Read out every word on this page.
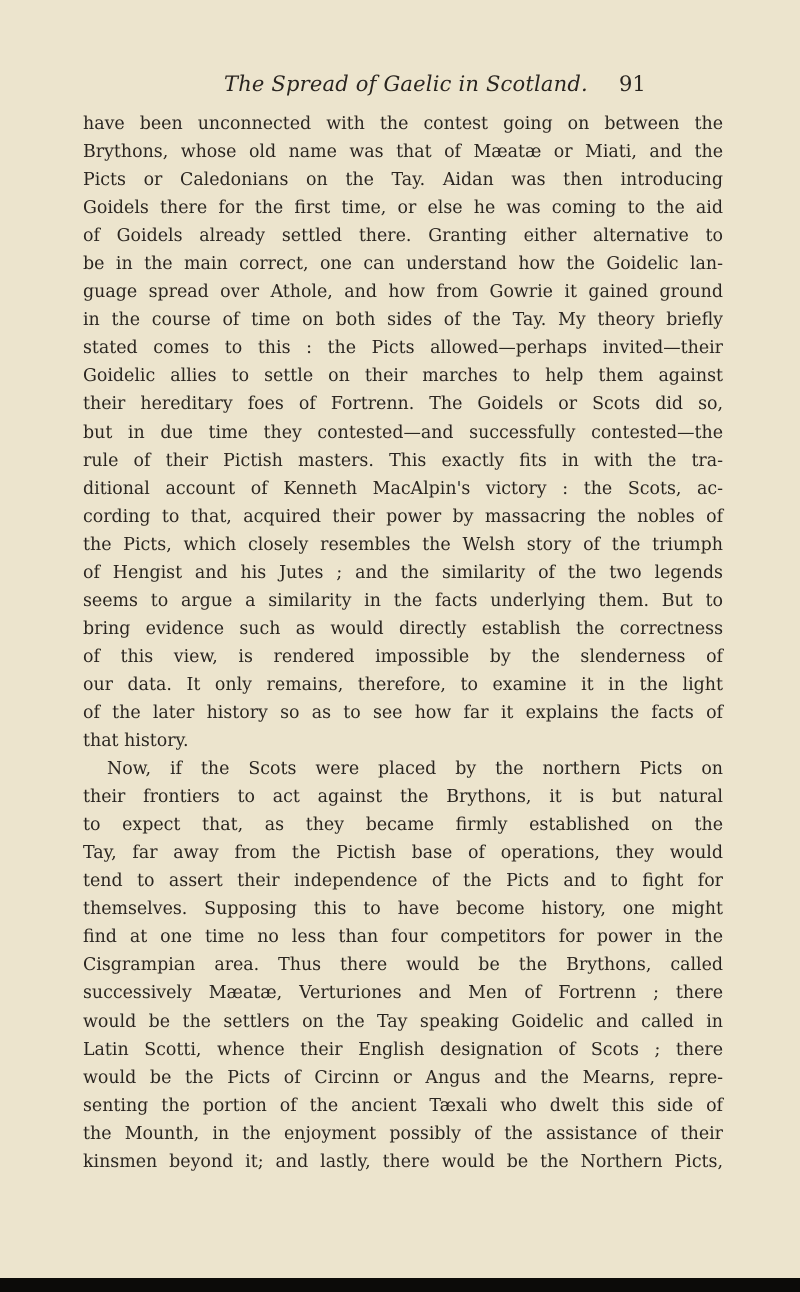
The Spread of Gaelic in Scotland. 91
have been unconnected with the contest going on between the
Brythons, whose old name was that of Mæatæ or Miati, and the
Picts or Caledonians on the Tay. Aidan was then introducing
Goidels there for the first time, or else he was coming to the aid
of Goidels already settled there. Granting either alternative to
be in the main correct, one can understand how the Goidelic lan-
guage spread over Athole, and how from Gowrie it gained ground
in the course of time on both sides of the Tay. My theory briefly
stated comes to this : the Picts allowed—perhaps invited—their
Goidelic allies to settle on their marches to help them against
their hereditary foes of Fortrenn. The Goidels or Scots did so,
but in due time they contested—and successfully contested—the
rule of their Pictish masters. This exactly fits in with the tra-
ditional account of Kenneth MacAlpin's victory : the Scots, ac-
cording to that, acquired their power by massacring the nobles of
the Picts, which closely resembles the Welsh story of the triumph
of Hengist and his Jutes ; and the similarity of the two legends
seems to argue a similarity in the facts underlying them. But to
bring evidence such as would directly establish the correctness
of this view, is rendered impossible by the slenderness of
our data. It only remains, therefore, to examine it in the light
of the later history so as to see how far it explains the facts of
that history.
Now, if the Scots were placed by the northern Picts on
their frontiers to act against the Brythons, it is but natural
to expect that, as they became firmly established on the
Tay, far away from the Pictish base of operations, they would
tend to assert their independence of the Picts and to fight for
themselves. Supposing this to have become history, one might
find at one time no less than four competitors for power in the
Cisgrampian area. Thus there would be the Brythons, called
successively Mæatæ, Verturiones and Men of Fortrenn ; there
would be the settlers on the Tay speaking Goidelic and called in
Latin Scotti, whence their English designation of Scots ; there
would be the Picts of Circinn or Angus and the Mearns, repre-
senting the portion of the ancient Tæxali who dwelt this side of
the Mounth, in the enjoyment possibly of the assistance of their
kinsmen beyond it; and lastly, there would be the Northern Picts,
